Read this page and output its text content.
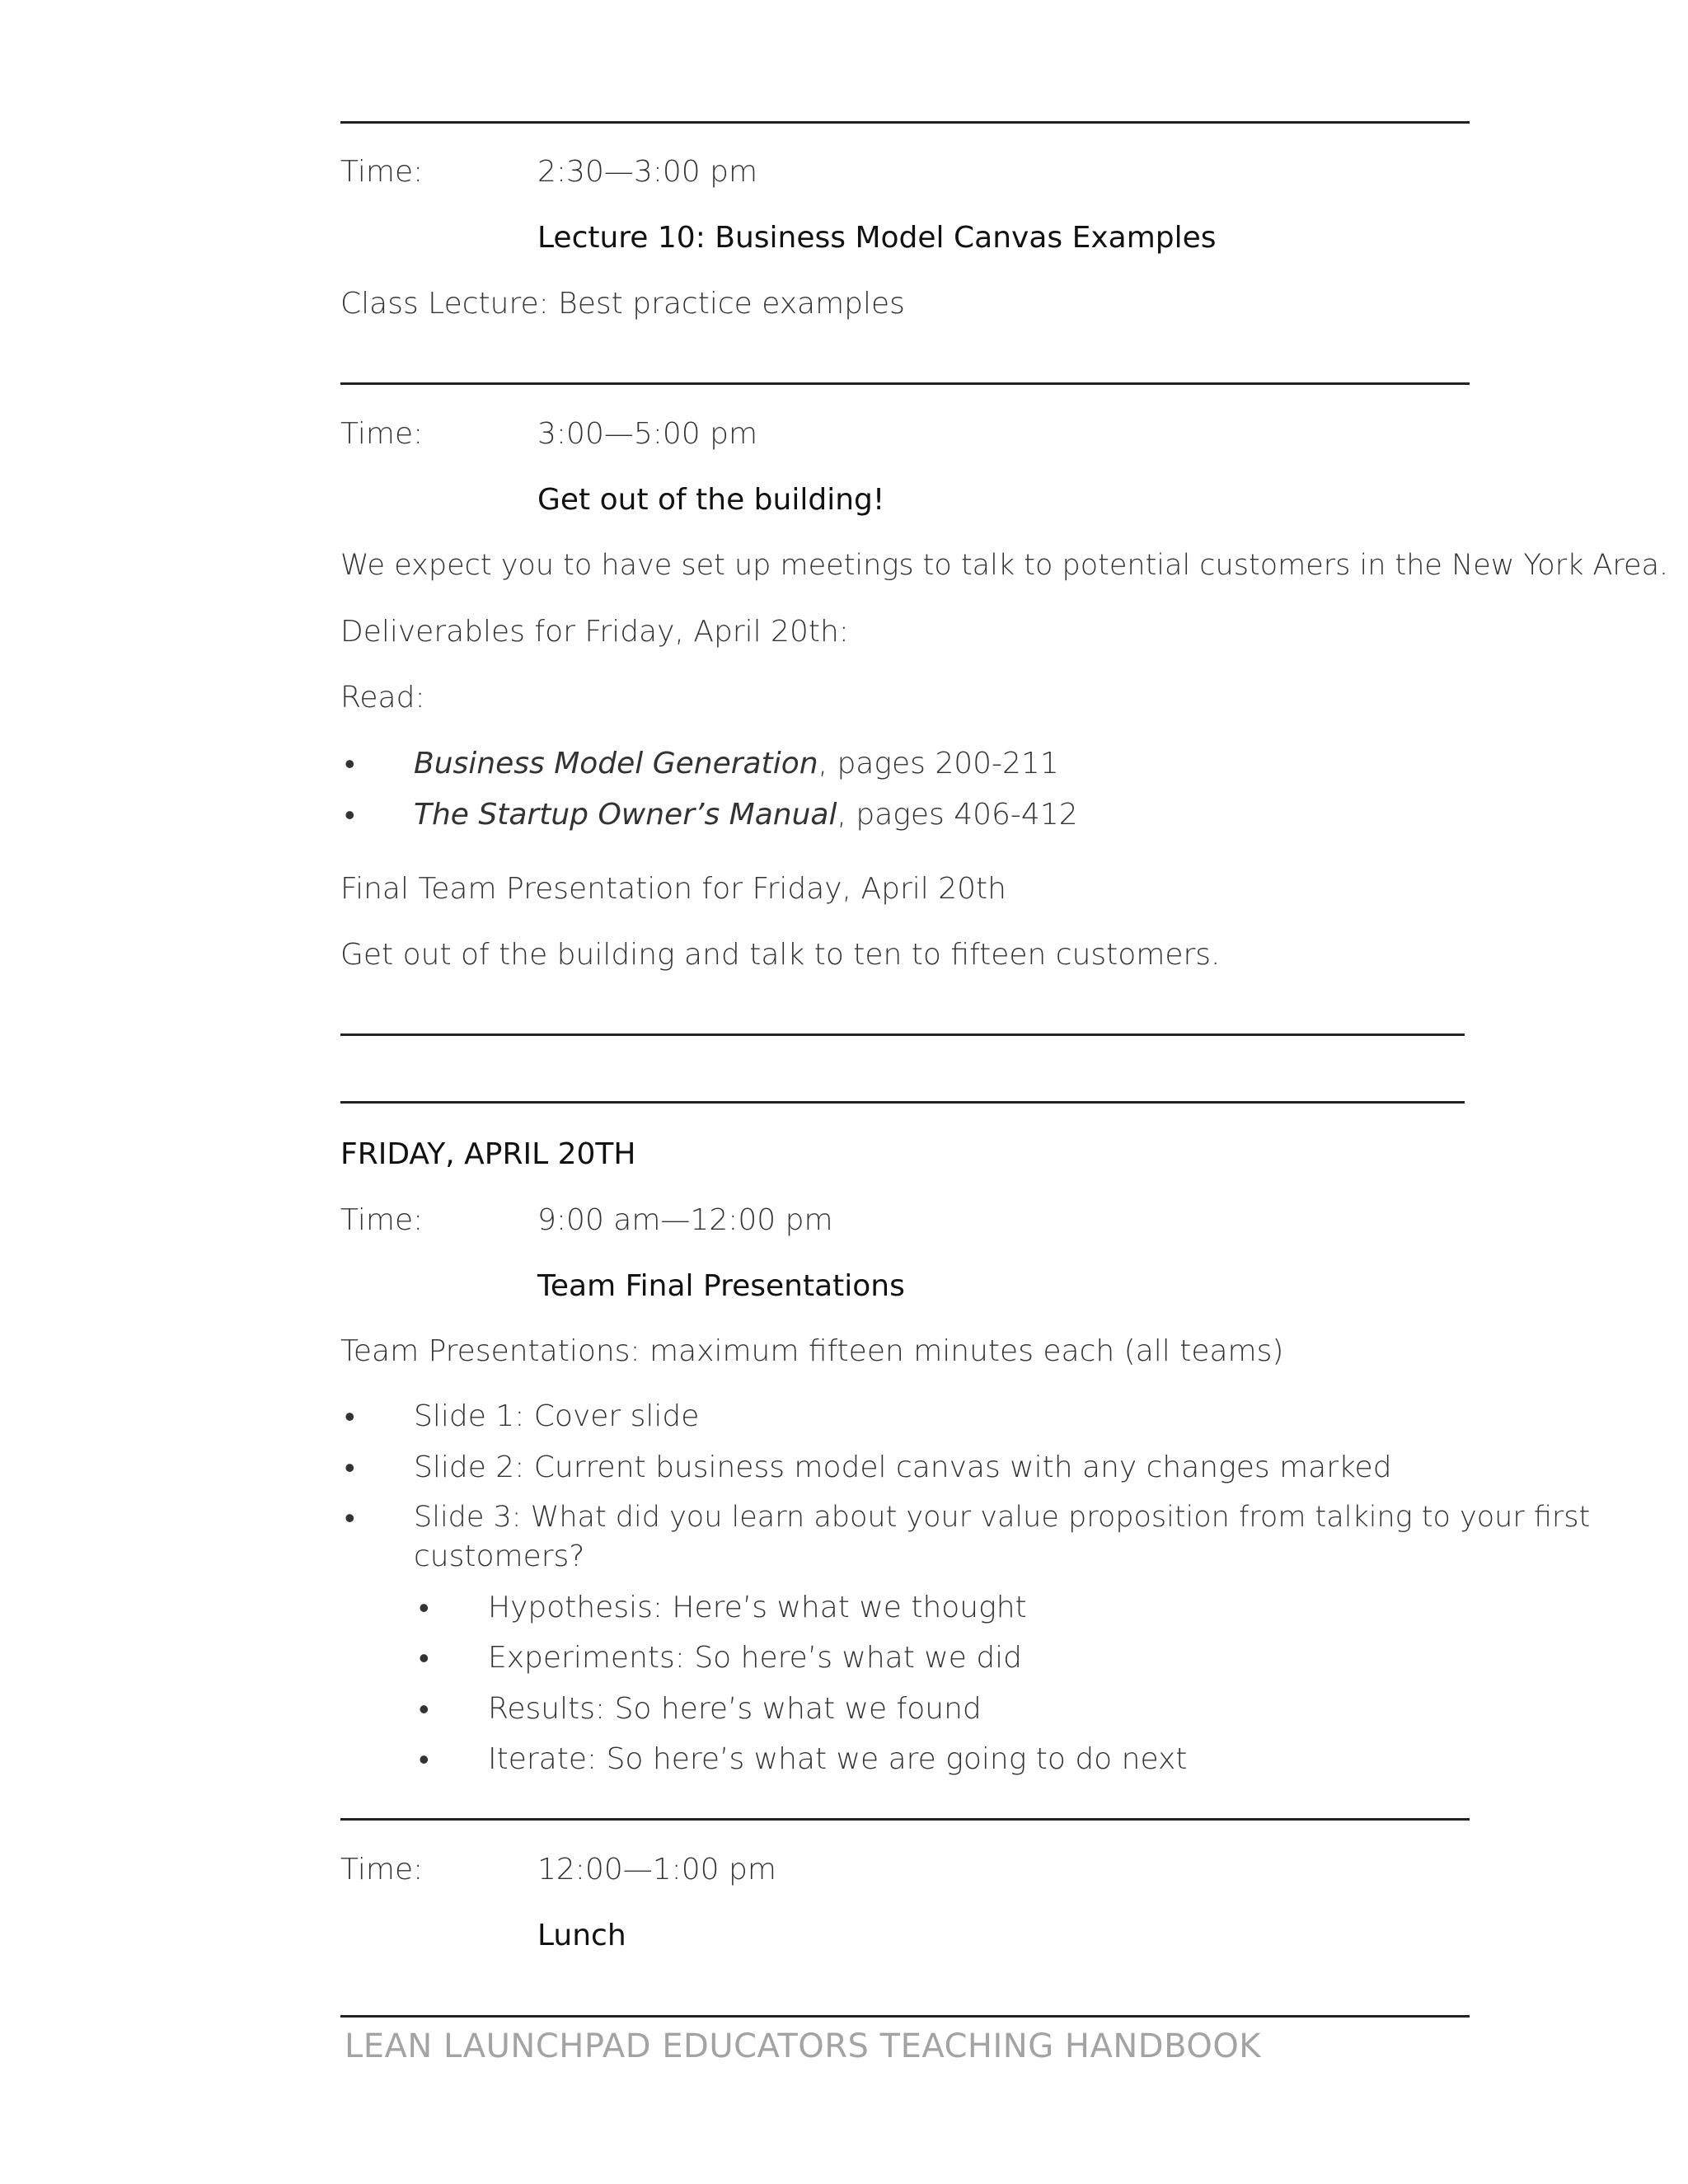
Time:	2:30—3:00 pm
Lecture 10: Business Model Canvas Examples
Class Lecture: Best practice examples
Time:	3:00—5:00 pm
Get out of the building!
We expect you to have set up meetings to talk to potential customers in the New York Area.
Deliverables for Friday, April 20th:
Read:
•	Business Model Generation, pages 200-211
•	The Startup Owner’s Manual, pages 406-412
Final Team Presentation for Friday, April 20th
Get out of the building and talk to ten to fifteen customers.
FRIDAY, APRIL 20TH
Time:	9:00 am—12:00 pm
Team Final Presentations
Team Presentations: maximum fifteen minutes each (all teams)
•	Slide 1: Cover slide
•	Slide 2: Current business model canvas with any changes marked
•	Slide 3: What did you learn about your value proposition from talking to your first
customers?
• Hypothesis: Here’s what we thought
• Experiments: So here’s what we did
• Results: So here’s what we found
• Iterate: So here’s what we are going to do next
Time:	12:00—1:00 pm
Lunch
LEAN LAUNCHPAD EDUCATORS TEACHING HANDBOOK
